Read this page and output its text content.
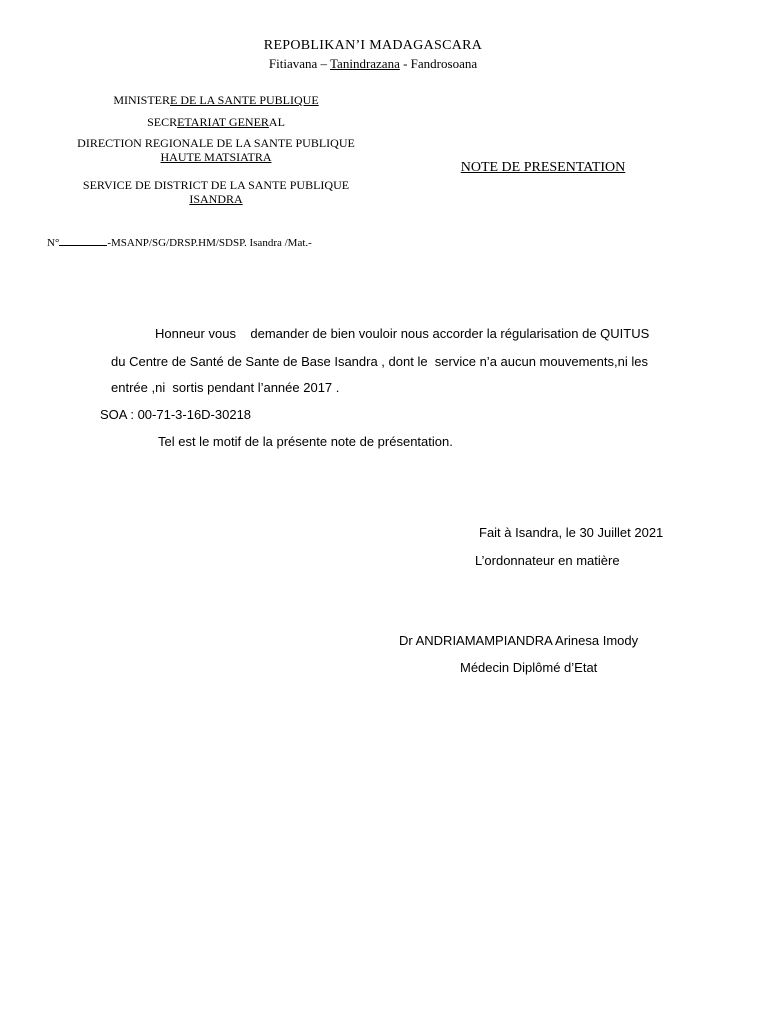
REPOBLIKAN’I MADAGASCARA
Fitiavana – Tanindrazana - Fandrosoana
MINISTERE DE LA SANTE PUBLIQUE
SECRETARIAT GENERAL
DIRECTION REGIONALE DE LA SANTE PUBLIQUE
HAUTE MATSIATRA
SERVICE DE DISTRICT DE LA SANTE PUBLIQUE
ISANDRA
N°	-MSANP/SG/DRSP.HM/SDSP. Isandra /Mat.-
NOTE DE PRESENTATION
Honneur vous    demander de bien vouloir nous accorder la régularisation de QUITUS
du Centre de Santé de Sante de Base Isandra , dont le  service n’a aucun mouvements,ni les
entrée ,ni  sortis pendant l’année 2017 .
SOA : 00-71-3-16D-30218
Tel est le motif de la présente note de présentation.
Fait à Isandra, le 30 Juillet 2021
L’ordonnateur en matière
Dr ANDRIAMAMPIANDRA Arinesa Imody
Médecin Diplômé d’Etat
